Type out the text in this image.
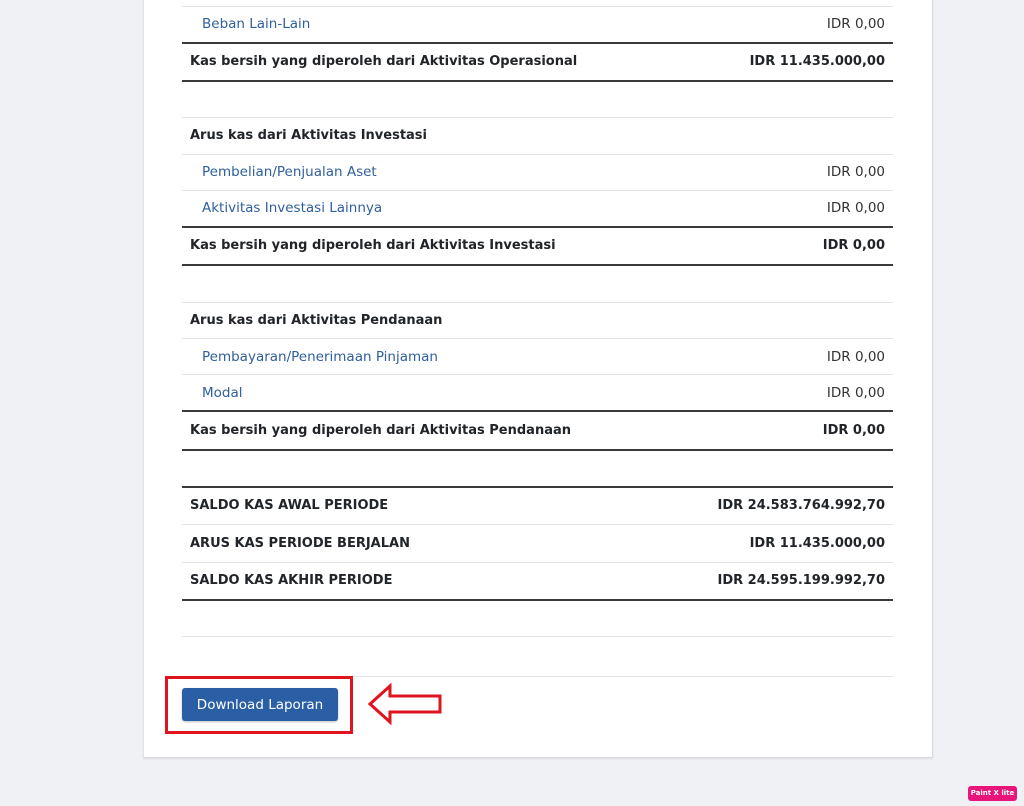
Beban Lain-Lain	IDR 0,00
Kas bersih yang diperoleh dari Aktivitas Operasional	IDR 11.435.000,00
Arus kas dari Aktivitas Investasi
Pembelian/Penjualan Aset	IDR 0,00
Aktivitas Investasi Lainnya	IDR 0,00
Kas bersih yang diperoleh dari Aktivitas Investasi	IDR 0,00
Arus kas dari Aktivitas Pendanaan
Pembayaran/Penerimaan Pinjaman	IDR 0,00
Modal	IDR 0,00
Kas bersih yang diperoleh dari Aktivitas Pendanaan	IDR 0,00
SALDO KAS AWAL PERIODE	IDR 24.583.764.992,70
ARUS KAS PERIODE BERJALAN	IDR 11.435.000,00
SALDO KAS AKHIR PERIODE	IDR 24.595.199.992,70
Download Laporan
Paint X lite
